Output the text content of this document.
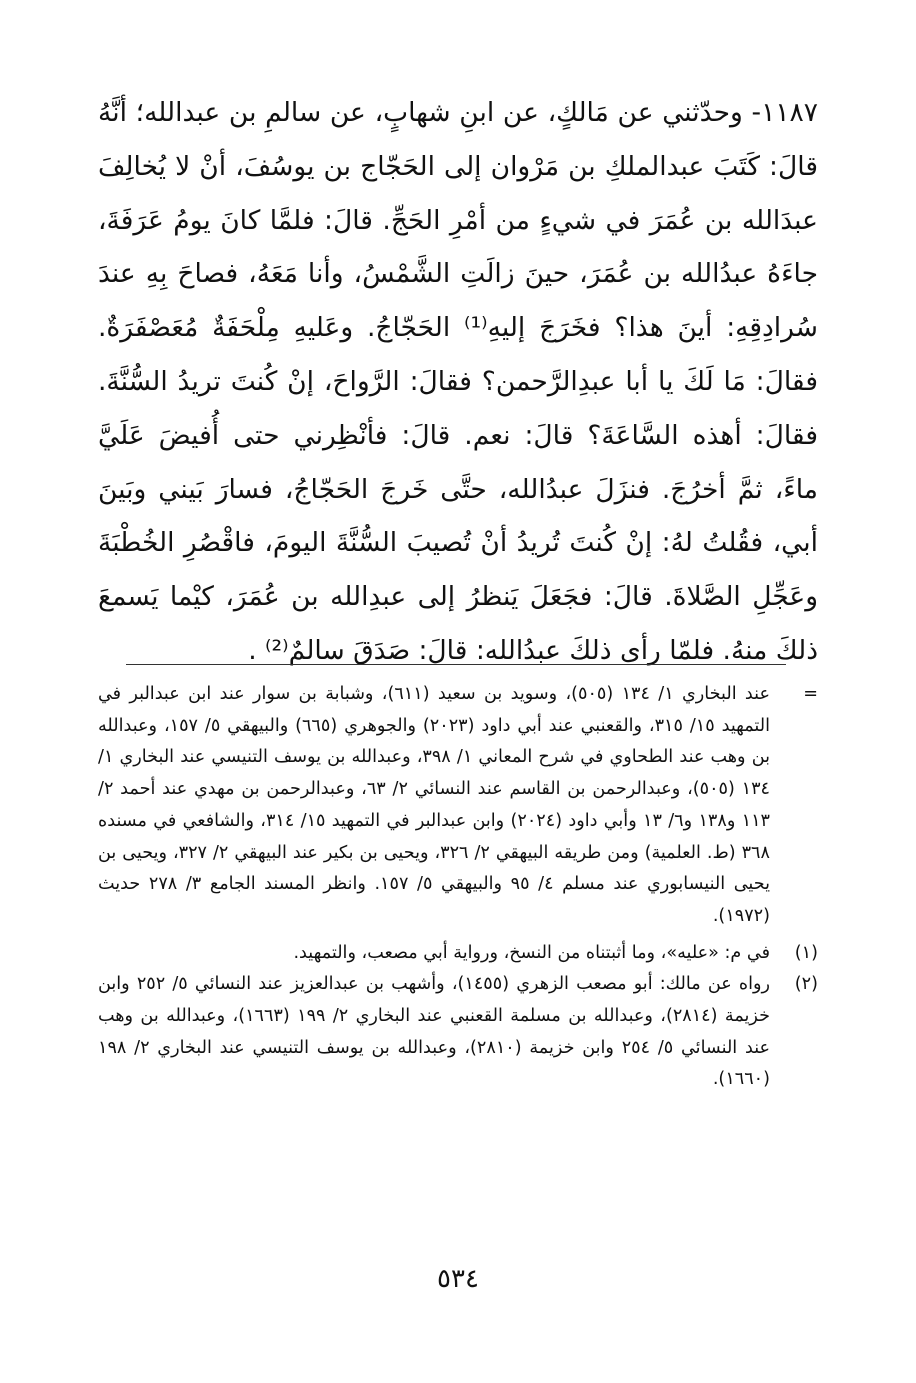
١١٨٧- وحدّثني عن مَالكٍ، عن ابنِ شهابٍ، عن سالمِ بن عبدالله؛ أنَّهُ قالَ: كَتَبَ عبدالملكِ بن مَرْوان إلى الحَجّاج بن يوسُفَ، أنْ لا يُخالِفَ عبدَالله بن عُمَرَ في شيءٍ من أمْرِ الحَجِّ. قالَ: فلمَّا كانَ يومُ عَرَفَةَ، جاءَهُ عبدُالله بن عُمَرَ، حينَ زالَتِ الشَّمْسُ، وأنا مَعَهُ، فصاحَ بِهِ عندَ سُرادِقِهِ: أينَ هذا؟ فخَرَجَ إليهِ⁽¹⁾ الحَجّاجُ. وعَليهِ مِلْحَفَةٌ مُعَصْفَرَةٌ. فقالَ: مَا لَكَ يا أبا عبدِالرَّحمن؟ فقالَ: الرَّواحَ، إنْ كُنتَ تريدُ السُّنَّةَ. فقالَ: أهذه السَّاعَةَ؟ قالَ: نعم. قالَ: فأنْظِرني حتى أُفيضَ عَلَيَّ ماءً، ثمَّ أخرُجَ. فنزَلَ عبدُالله، حتَّى خَرجَ الحَجّاجُ، فسارَ بَيني وبَينَ أبي، فقُلتُ لهُ: إنْ كُنتَ تُريدُ أنْ تُصيبَ السُّنَّةَ اليومَ، فاقْصُرِ الخُطْبَةَ وعَجِّلِ الصَّلاةَ. قالَ: فجَعَلَ يَنظرُ إلى عبدِالله بن عُمَرَ، كيْما يَسمعَ ذلكَ منهُ. فلمّا رأى ذلكَ عبدُالله: قالَ: صَدَقَ سالمٌ⁽²⁾ .
=
عند البخاري ١/ ١٣٤ (٥٠٥)، وسويد بن سعيد (٦١١)، وشبابة بن سوار عند ابن عبدالبر في التمهيد ١٥/ ٣١٥، والقعنبي عند أبي داود (٢٠٢٣) والجوهري (٦٦٥) والبيهقي ٥/ ١٥٧، وعبدالله بن وهب عند الطحاوي في شرح المعاني ١/ ٣٩٨، وعبدالله بن يوسف التنيسي عند البخاري ١/ ١٣٤ (٥٠٥)، وعبدالرحمن بن القاسم عند النسائي ٢/ ٦٣، وعبدالرحمن بن مهدي عند أحمد ٢/ ١١٣ و١٣٨ و٦/ ١٣ وأبي داود (٢٠٢٤) وابن عبدالبر في التمهيد ١٥/ ٣١٤، والشافعي في مسنده ٣٦٨ (ط. العلمية) ومن طريقه البيهقي ٢/ ٣٢٦، ويحيى بن بكير عند البيهقي ٢/ ٣٢٧، ويحيى بن يحيى النيسابوري عند مسلم ٤/ ٩٥ والبيهقي ٥/ ١٥٧. وانظر المسند الجامع ٣/ ٢٧٨ حديث (١٩٧٢).
(١)
في م: «عليه»، وما أثبتناه من النسخ، ورواية أبي مصعب، والتمهيد.
(٢)
رواه عن مالك: أبو مصعب الزهري (١٤٥٥)، وأشهب بن عبدالعزيز عند النسائي ٥/ ٢٥٢ وابن خزيمة (٢٨١٤)، وعبدالله بن مسلمة القعنبي عند البخاري ٢/ ١٩٩ (١٦٦٣)، وعبدالله بن وهب عند النسائي ٥/ ٢٥٤ وابن خزيمة (٢٨١٠)، وعبدالله بن يوسف التنيسي عند البخاري ٢/ ١٩٨ (١٦٦٠).
٥٣٤
